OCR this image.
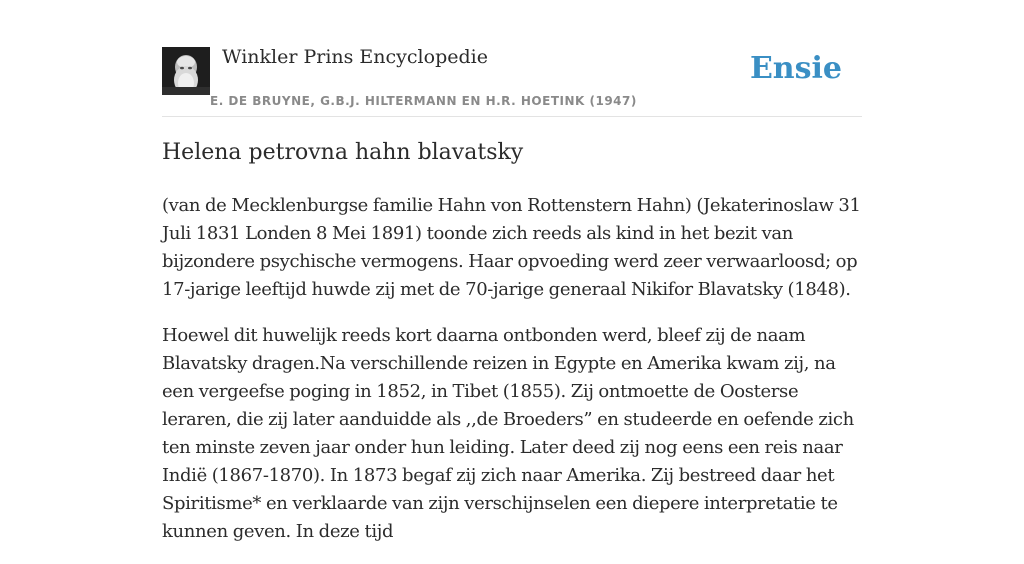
Winkler Prins Encyclopedie
E. DE BRUYNE, G.B.J. HILTERMANN EN H.R. HOETINK (1947)
Ensie
Helena petrovna hahn blavatsky

(van de Mecklenburgse familie Hahn von Rottenstern Hahn) (Jekaterinoslaw 31 Juli 1831 Londen 8 Mei 1891) toonde zich reeds als kind in het bezit van bijzondere psychische vermogens. Haar opvoeding werd zeer verwaarloosd; op 17-jarige leeftijd huwde zij met de 70-jarige generaal Nikifor Blavatsky (1848).

Hoewel dit huwelijk reeds kort daarna ontbonden werd, bleef zij de naam Blavatsky dragen.Na verschillende reizen in Egypte en Amerika kwam zij, na een vergeefse poging in 1852, in Tibet (1855). Zij ontmoette de Oosterse leraren, die zij later aanduidde als ,,de Broeders” en studeerde en oefende zich ten minste zeven jaar onder hun leiding. Later deed zij nog eens een reis naar Indië (1867-1870). In 1873 begaf zij zich naar Amerika. Zij bestreed daar het Spiritisme* en verklaarde van zijn verschijnselen een diepere interpretatie te kunnen geven. In deze tijd
